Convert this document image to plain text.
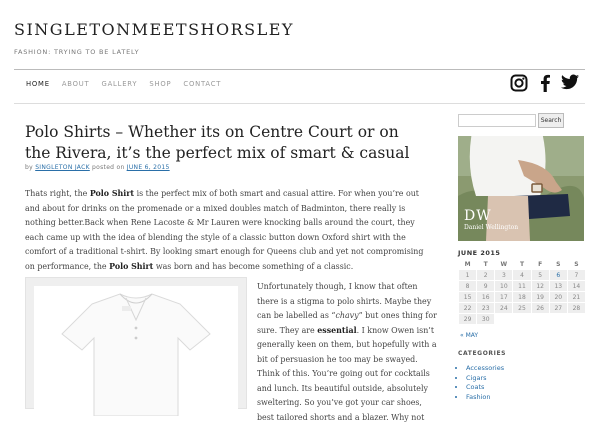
SINGLETONMEETSHORSLEY
FASHION: TRYING TO BE LATELY
HOME ABOUT GALLERY SHOP CONTACT
Polo Shirts – Whether its on Centre Court or on the Rivera, it’s the perfect mix of smart & casual
by SINGLETON JACK posted on JUNE 6, 2015
Thats right, the Polo Shirt is the perfect mix of both smart and casual attire. For when you’re out and about for drinks on the promenade or a mixed doubles match of Badminton, there really is nothing better.Back when Rene Lacoste & Mr Lauren were knocking balls around the court, they each came up with the idea of blending the style of a classic button down Oxford shirt with the comfort of a traditional t-shirt. By looking smart enough for Queens club and yet not compromising on performance, the Polo Shirt was born and has become something of a classic.
Unfortunately though, I know that often there is a stigma to polo shirts. Maybe they can be labelled as “chavy” but ones thing for sure. They are essential. I know Owen isn’t generally keen on them, but hopefully with a bit of persuasion he too may be swayed. Think of this. You’re going out for cocktails and lunch. Its beautiful outside, absolutely sweltering. So you’ve got your car shoes, best tailored shorts and a blazer. Why not
Search
DW
Daniel Wellington
JUNE 2015
M	T	W	T	F	S	S
1	2	3	4	5	6	7
8	9	10	11	12	13	14
15	16	17	18	19	20	21
22	23	24	25	26	27	28
29	30					
« MAY
CATEGORIES
• Accessories
• Cigars
• Coats
• Fashion
